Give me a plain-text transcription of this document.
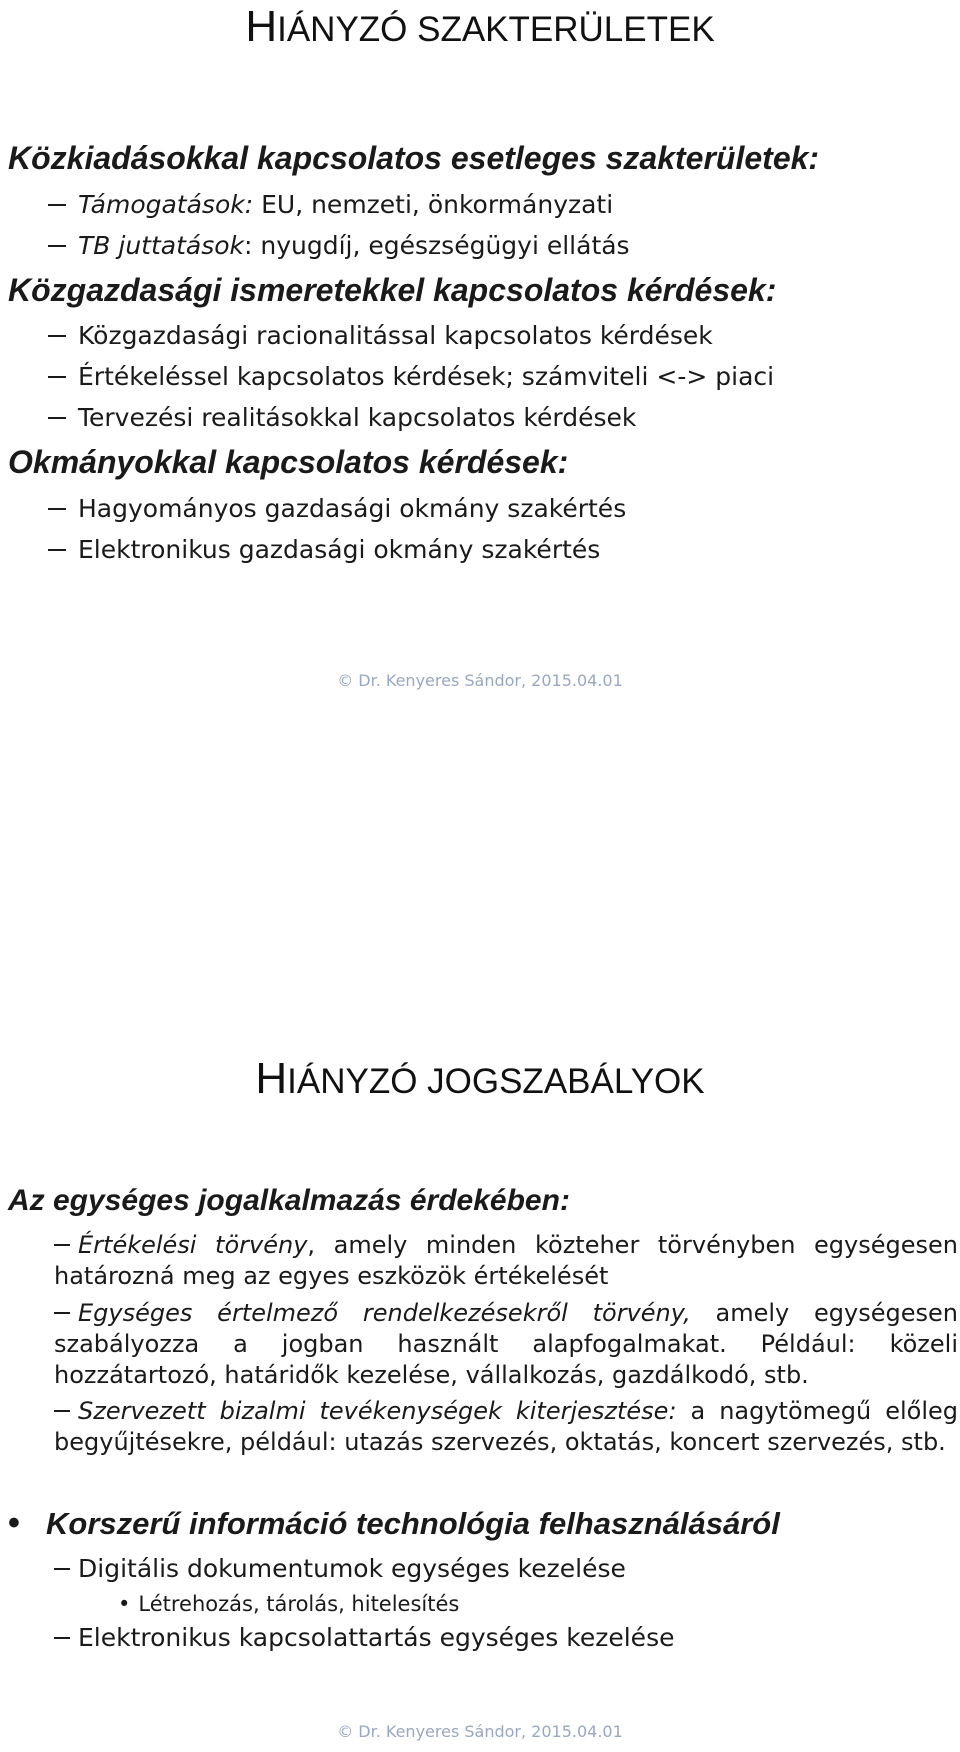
HIÁNYZÓ SZAKTERÜLETEK
Közkiadásokkal kapcsolatos esetleges szakterületek:
Támogatások: EU, nemzeti, önkormányzati
TB juttatások: nyugdíj, egészségügyi ellátás
Közgazdasági ismeretekkel kapcsolatos kérdések:
Közgazdasági racionalitással kapcsolatos kérdések
Értékeléssel kapcsolatos kérdések; számviteli <-> piaci
Tervezési realitásokkal kapcsolatos kérdések
Okmányokkal kapcsolatos kérdések:
Hagyományos gazdasági okmány szakértés
Elektronikus gazdasági okmány szakértés
© Dr. Kenyeres Sándor, 2015.04.01
HIÁNYZÓ JOGSZABÁLYOK
Az egységes jogalkalmazás érdekében:
Értékelési törvény, amely minden közteher törvényben egységesen határozná meg az egyes eszközök értékelését
Egységes értelmező rendelkezésekről törvény, amely egységesen szabályozza a jogban használt alapfogalmakat. Például: közeli hozzátartozó, határidők kezelése, vállalkozás, gazdálkodó, stb.
Szervezett bizalmi tevékenységek kiterjesztése: a nagytömegű előleg begyűjtésekre, például: utazás szervezés, oktatás, koncert szervezés, stb.
• Korszerű információ technológia felhasználásáról
Digitális dokumentumok egységes kezelése
• Létrehozás, tárolás, hitelesítés
Elektronikus kapcsolattartás egységes kezelése
© Dr. Kenyeres Sándor, 2015.04.01
